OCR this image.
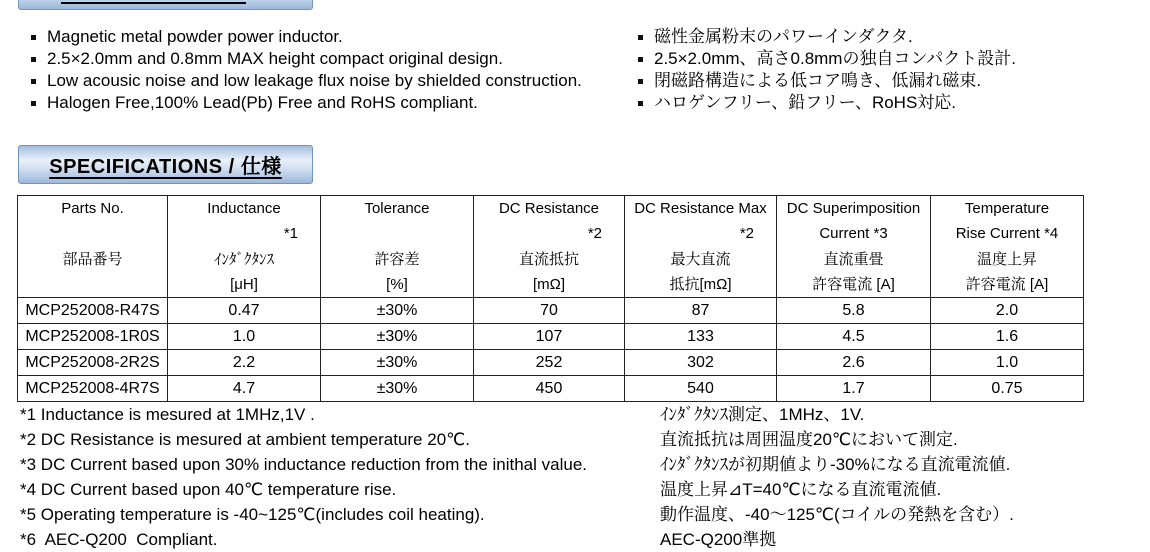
Magnetic metal powder power inductor.
2.5×2.0mm and 0.8mm MAX height compact original design.
Low acousic noise and low leakage flux noise by shielded construction.
Halogen Free,100% Lead(Pb) Free and RoHS compliant.
磁性金属粉末のパワーインダクタ.
2.5×2.0mm、高さ0.8mmの独自コンパクト設計.
閉磁路構造による低コア鳴き、低漏れ磁束.
ハロゲンフリー、鉛フリー、RoHS対応.
SPECIFICATIONS / 仕様
Parts No.
部品番号

Inductance
*1
ｲﾝﾀﾞｸﾀﾝｽ
[μH]

Tolerance
許容差
[%]

DC Resistance
*2
直流抵抗
[mΩ]

DC Resistance Max
*2
最大直流
抵抗[mΩ]

DC Superimposition
Current *3
直流重畳
許容電流 [A]

Temperature
Rise Current *4
温度上昇
許容電流 [A]

MCP252008-R47S	0.47	±30%	70	87	5.8	2.0
MCP252008-1R0S	1.0	±30%	107	133	4.5	1.6
MCP252008-2R2S	2.2	±30%	252	302	2.6	1.0
MCP252008-4R7S	4.7	±30%	450	540	1.7	0.75
*1 Inductance is mesured at 1MHz,1V .
*2 DC Resistance is mesured at ambient temperature 20℃.
*3 DC Current based upon 30% inductance reduction from the inithal value.
*4 DC Current based upon 40℃ temperature rise.
*5 Operating temperature is -40~125℃(includes coil heating).
*6  AEC-Q200  Compliant.
ｲﾝﾀﾞｸﾀﾝｽ測定、1MHz、1V.
直流抵抗は周囲温度20℃において測定.
ｲﾝﾀﾞｸﾀﾝｽが初期値より-30%になる直流電流値.
温度上昇⊿T=40℃になる直流電流値.
動作温度、-40～125℃(コイルの発熱を含む）.
AEC-Q200準拠
